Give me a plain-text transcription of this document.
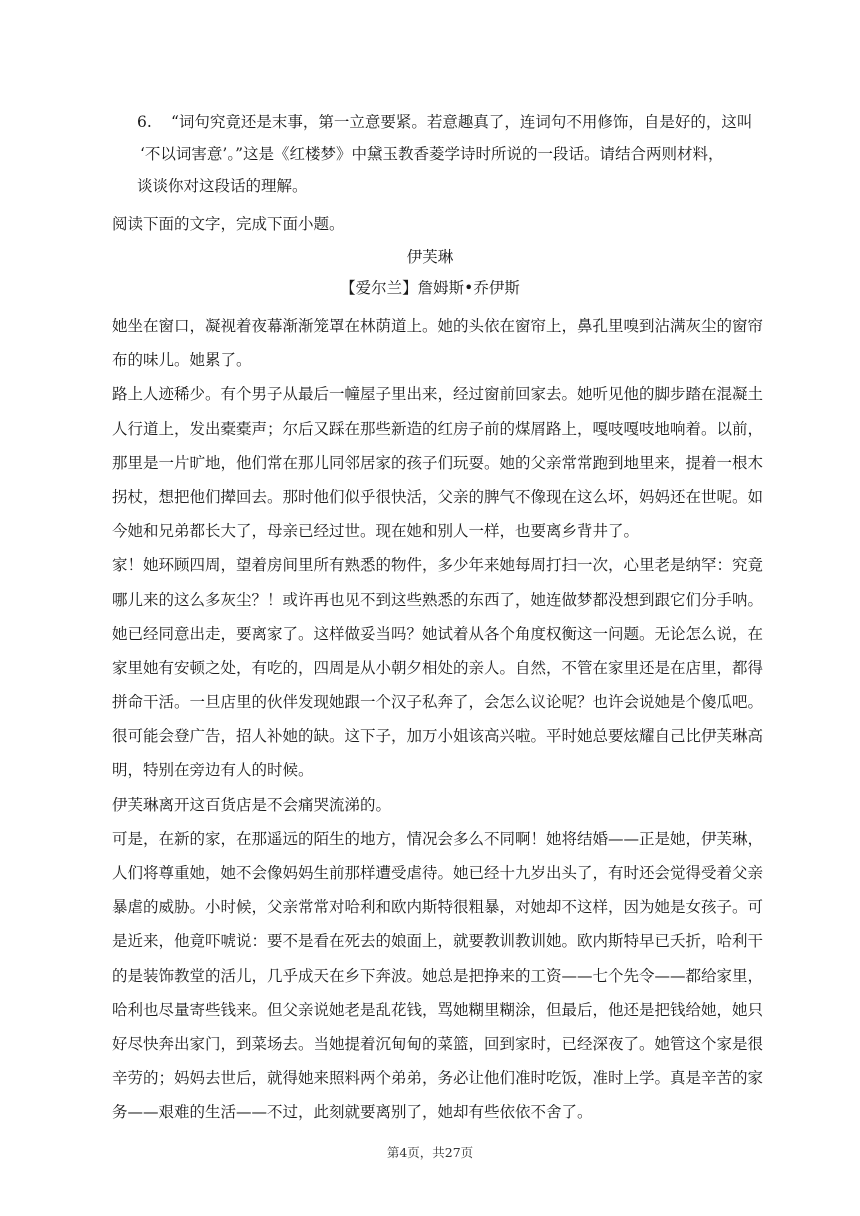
6. “词句究竟还是末事，第一立意要紧。若意趣真了，连词句不用修饰，自是好的，这叫
‘不以词害意’。”这是《红楼梦》中黛玉教香菱学诗时所说的一段话。请结合两则材料，
谈谈你对这段话的理解。
阅读下面的文字，完成下面小题。
伊芙琳
【爱尔兰】詹姆斯•乔伊斯
她坐在窗口，凝视着夜幕渐渐笼罩在林荫道上。她的头依在窗帘上，鼻孔里嗅到沾满灰尘的窗帘
布的味儿。她累了。
路上人迹稀少。有个男子从最后一幢屋子里出来，经过窗前回家去。她听见他的脚步踏在混凝土
人行道上，发出橐橐声；尔后又踩在那些新造的红房子前的煤屑路上，嘎吱嘎吱地响着。以前，
那里是一片旷地，他们常在那儿同邻居家的孩子们玩耍。她的父亲常常跑到地里来，提着一根木
拐杖，想把他们撵回去。那时他们似乎很快活，父亲的脾气不像现在这么坏，妈妈还在世呢。如
今她和兄弟都长大了，母亲已经过世。现在她和别人一样，也要离乡背井了。
家！她环顾四周，望着房间里所有熟悉的物件，多少年来她每周打扫一次，心里老是纳罕：究竟
哪儿来的这么多灰尘？！或许再也见不到这些熟悉的东西了，她连做梦都没想到跟它们分手呐。
她已经同意出走，要离家了。这样做妥当吗？她试着从各个角度权衡这一问题。无论怎么说，在
家里她有安顿之处，有吃的，四周是从小朝夕相处的亲人。自然，不管在家里还是在店里，都得
拼命干活。一旦店里的伙伴发现她跟一个汉子私奔了，会怎么议论呢？也许会说她是个傻瓜吧。
很可能会登广告，招人补她的缺。这下子，加万小姐该高兴啦。平时她总要炫耀自己比伊芙琳高
明，特别在旁边有人的时候。
伊芙琳离开这百货店是不会痛哭流涕的。
可是，在新的家，在那遥远的陌生的地方，情况会多么不同啊！她将结婚——正是她，伊芙琳，
人们将尊重她，她不会像妈妈生前那样遭受虐待。她已经十九岁出头了，有时还会觉得受着父亲
暴虐的威胁。小时候，父亲常常对哈利和欧内斯特很粗暴，对她却不这样，因为她是女孩子。可
是近来，他竟吓唬说：要不是看在死去的娘面上，就要教训教训她。欧内斯特早已夭折，哈利干
的是装饰教堂的活儿，几乎成天在乡下奔波。她总是把挣来的工资——七个先令——都给家里，
哈利也尽量寄些钱来。但父亲说她老是乱花钱，骂她糊里糊涂，但最后，他还是把钱给她，她只
好尽快奔出家门，到菜场去。当她提着沉甸甸的菜篮，回到家时，已经深夜了。她管这个家是很
辛劳的；妈妈去世后，就得她来照料两个弟弟，务必让他们准时吃饭，准时上学。真是辛苦的家
务——艰难的生活——不过，此刻就要离别了，她却有些依依不舍了。
第4页，共27页
